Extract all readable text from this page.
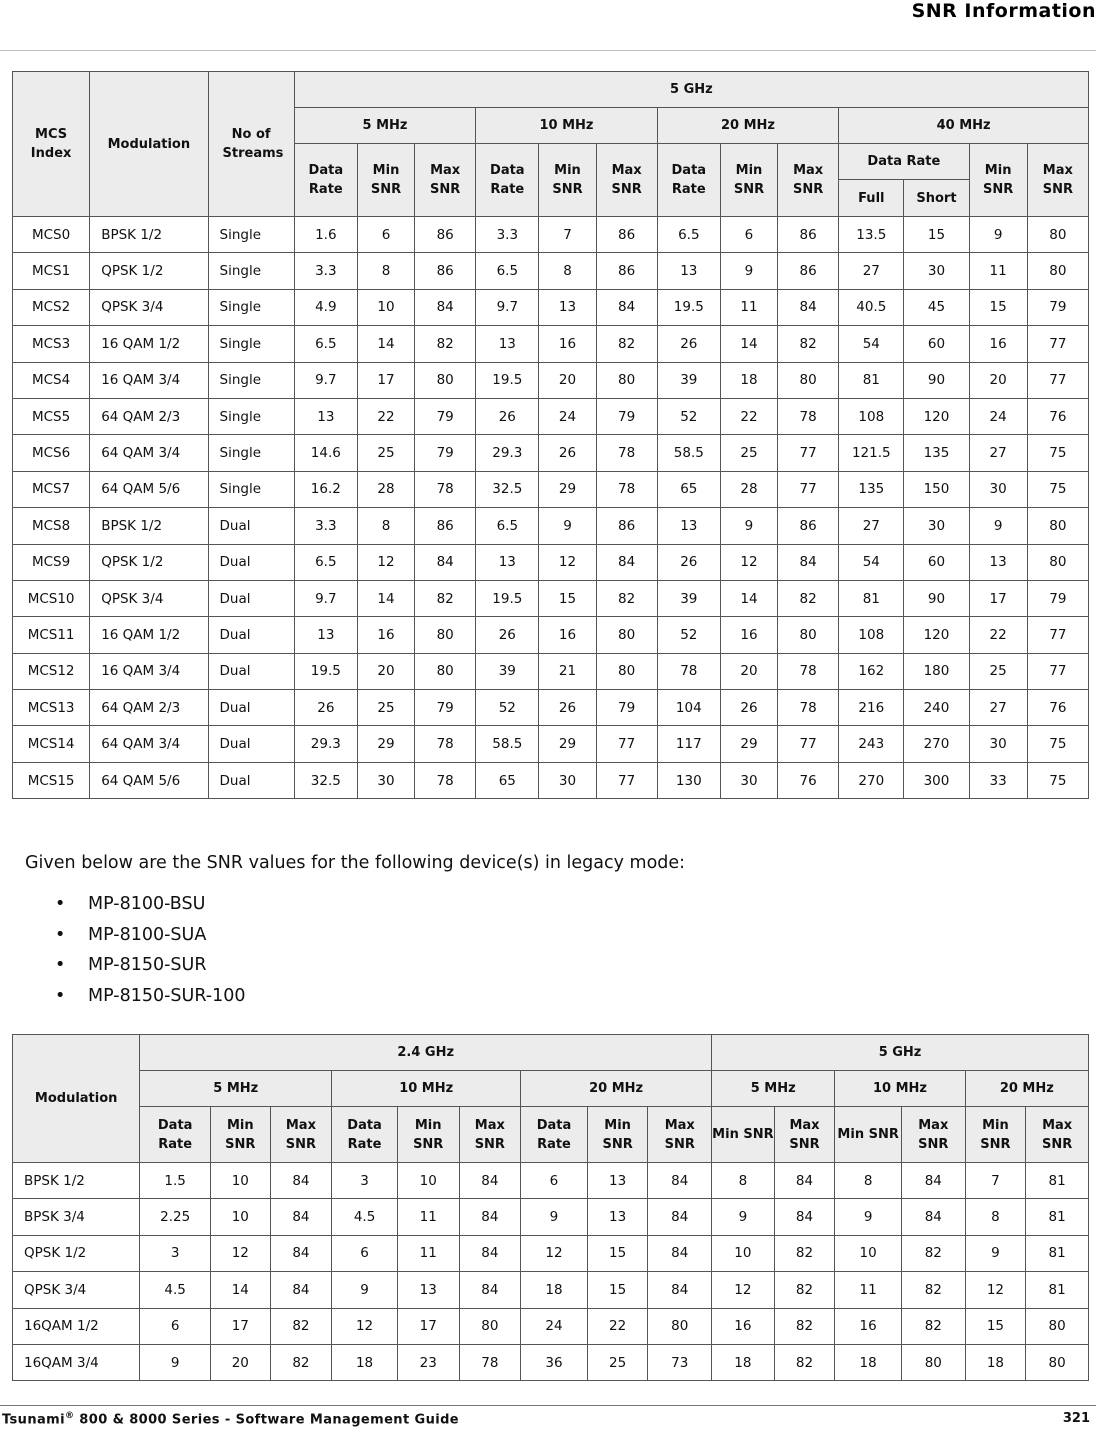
SNR Information
MCS Index	Modulation	No of Streams	5 GHz												
			5 MHz			10 MHz			20 MHz			40 MHz			
			Data Rate	Min SNR	Max SNR	Data Rate	Min SNR	Max SNR	Data Rate	Min SNR	Max SNR	Data Rate		Min SNR	Max SNR
												Full	Short		
MCS0	BPSK 1/2	Single	1.6	6	86	3.3	7	86	6.5	6	86	13.5	15	9	80
MCS1	QPSK 1/2	Single	3.3	8	86	6.5	8	86	13	9	86	27	30	11	80
MCS2	QPSK 3/4	Single	4.9	10	84	9.7	13	84	19.5	11	84	40.5	45	15	79
MCS3	16 QAM 1/2	Single	6.5	14	82	13	16	82	26	14	82	54	60	16	77
MCS4	16 QAM 3/4	Single	9.7	17	80	19.5	20	80	39	18	80	81	90	20	77
MCS5	64 QAM 2/3	Single	13	22	79	26	24	79	52	22	78	108	120	24	76
MCS6	64 QAM 3/4	Single	14.6	25	79	29.3	26	78	58.5	25	77	121.5	135	27	75
MCS7	64 QAM 5/6	Single	16.2	28	78	32.5	29	78	65	28	77	135	150	30	75
MCS8	BPSK 1/2	Dual	3.3	8	86	6.5	9	86	13	9	86	27	30	9	80
MCS9	QPSK 1/2	Dual	6.5	12	84	13	12	84	26	12	84	54	60	13	80
MCS10	QPSK 3/4	Dual	9.7	14	82	19.5	15	82	39	14	82	81	90	17	79
MCS11	16 QAM 1/2	Dual	13	16	80	26	16	80	52	16	80	108	120	22	77
MCS12	16 QAM 3/4	Dual	19.5	20	80	39	21	80	78	20	78	162	180	25	77
MCS13	64 QAM 2/3	Dual	26	25	79	52	26	79	104	26	78	216	240	27	76
MCS14	64 QAM 3/4	Dual	29.3	29	78	58.5	29	77	117	29	77	243	270	30	75
MCS15	64 QAM 5/6	Dual	32.5	30	78	65	30	77	130	30	76	270	300	33	75

Given below are the SNR values for the following device(s) in legacy mode:

• MP-8100-BSU
• MP-8100-SUA
• MP-8150-SUR
• MP-8150-SUR-100
Modulation	2.4 GHz									5 GHz					
	5 MHz			10 MHz			20 MHz			5 MHz		10 MHz		20 MHz	
	Data Rate	Min SNR	Max SNR	Data Rate	Min SNR	Max SNR	Data Rate	Min SNR	Max SNR	Min SNR	Max SNR	Min SNR	Max SNR	Min SNR	Max SNR
BPSK 1/2	1.5	10	84	3	10	84	6	13	84	8	84	8	84	7	81
BPSK 3/4	2.25	10	84	4.5	11	84	9	13	84	9	84	9	84	8	81
QPSK 1/2	3	12	84	6	11	84	12	15	84	10	82	10	82	9	81
QPSK 3/4	4.5	14	84	9	13	84	18	15	84	12	82	11	82	12	81
16QAM 1/2	6	17	82	12	17	80	24	22	80	16	82	16	82	15	80
16QAM 3/4	9	20	82	18	23	78	36	25	73	18	82	18	80	18	80
Tsunami® 800 & 8000 Series - Software Management Guide	321
